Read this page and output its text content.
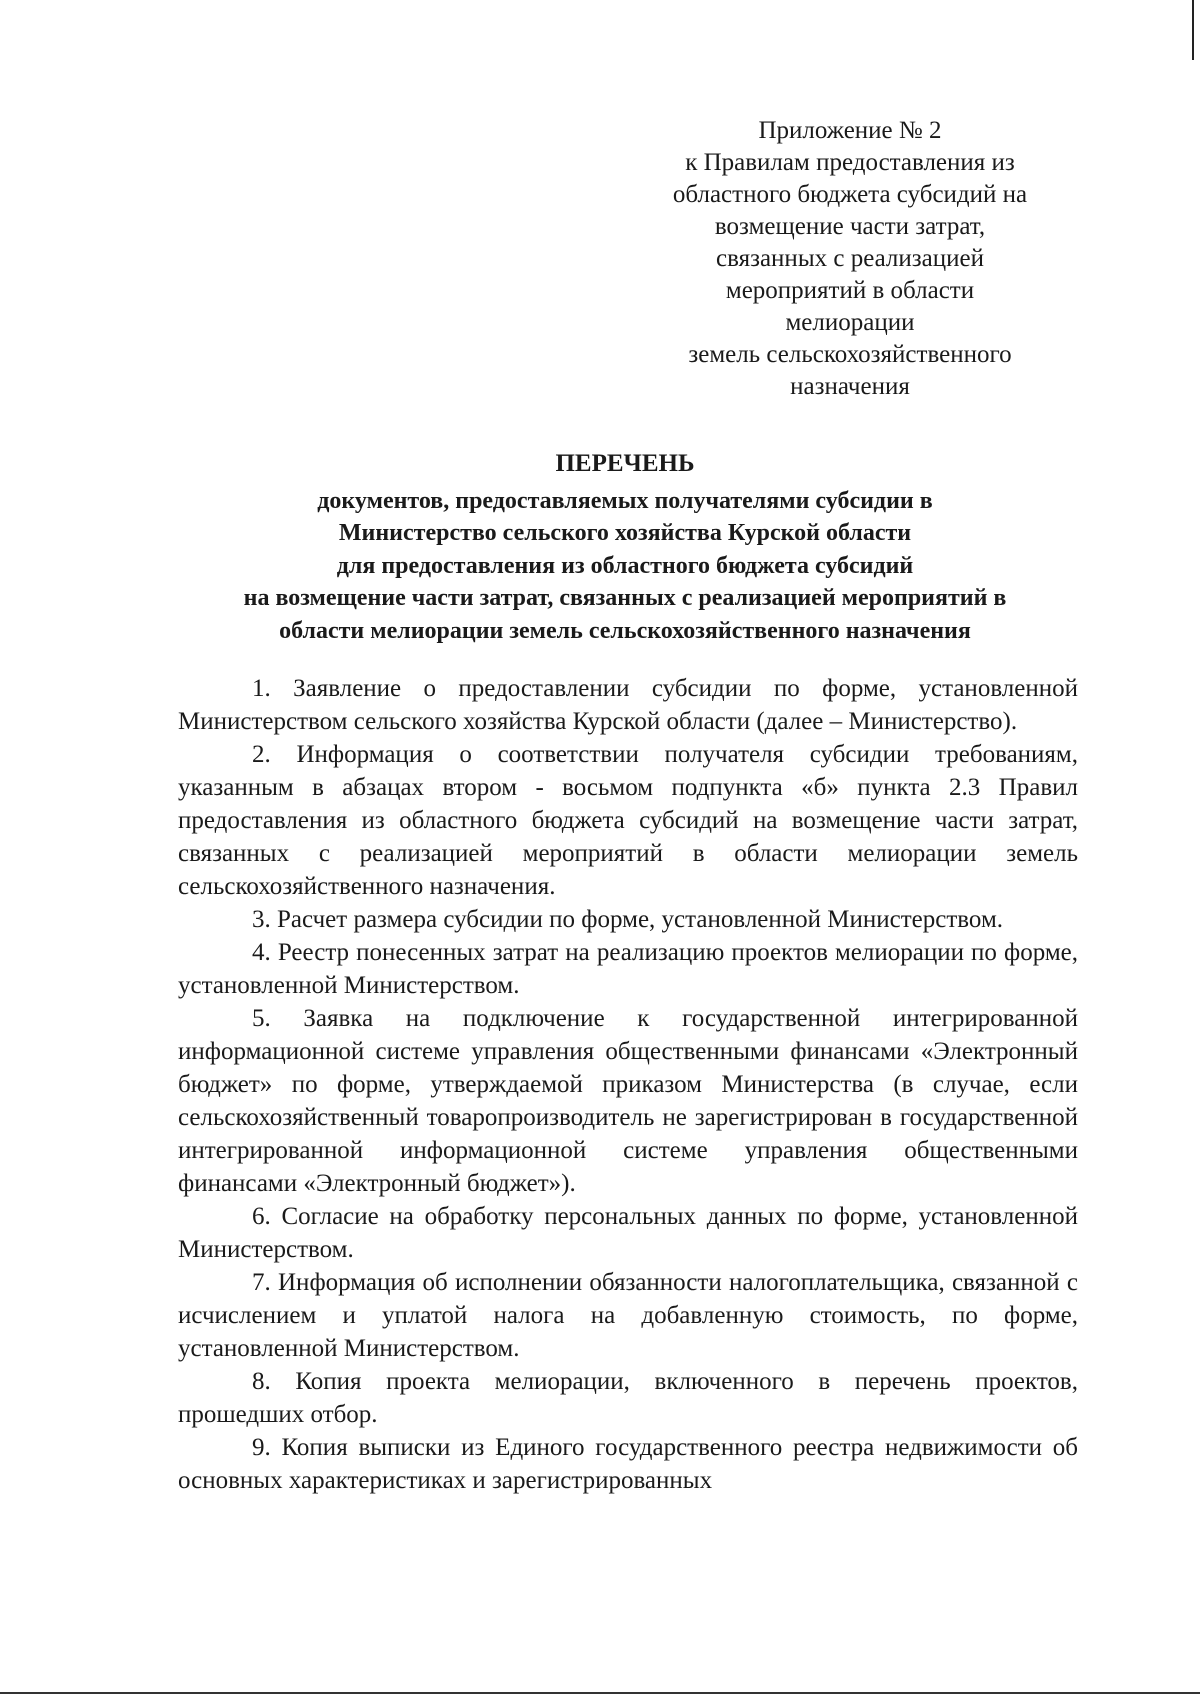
Приложение № 2
к Правилам предоставления из
областного бюджета субсидий на
возмещение части затрат,
связанных с реализацией
мероприятий в области
мелиорации
земель сельскохозяйственного
назначения
ПЕРЕЧЕНЬ
документов, предоставляемых получателями субсидии в
Министерство сельского хозяйства Курской области
для предоставления из областного бюджета субсидий
на возмещение части затрат, связанных с реализацией мероприятий в
области мелиорации земель сельскохозяйственного назначения

1. Заявление о предоставлении субсидии по форме, установленной Министерством сельского хозяйства Курской области (далее – Министерство).

2. Информация о соответствии получателя субсидии требованиям, указанным в абзацах втором - восьмом подпункта «б» пункта 2.3 Правил предоставления из областного бюджета субсидий на возмещение части затрат, связанных с реализацией мероприятий в области мелиорации земель сельскохозяйственного назначения.

3. Расчет размера субсидии по форме, установленной Министерством.

4. Реестр понесенных затрат на реализацию проектов мелиорации по форме, установленной Министерством.

5. Заявка на подключение к государственной интегрированной информационной системе управления общественными финансами «Электронный бюджет» по форме, утверждаемой приказом Министерства (в случае, если сельскохозяйственный товаропроизводитель не зарегистрирован в государственной интегрированной информационной системе управления общественными финансами «Электронный бюджет»).

6. Согласие на обработку персональных данных по форме, установленной Министерством.

7. Информация об исполнении обязанности налогоплательщика, связанной с исчислением и уплатой налога на добавленную стоимость, по форме, установленной Министерством.

8. Копия проекта мелиорации, включенного в перечень проектов, прошедших отбор.

9. Копия выписки из Единого государственного реестра недвижимости об основных характеристиках и зарегистрированных
